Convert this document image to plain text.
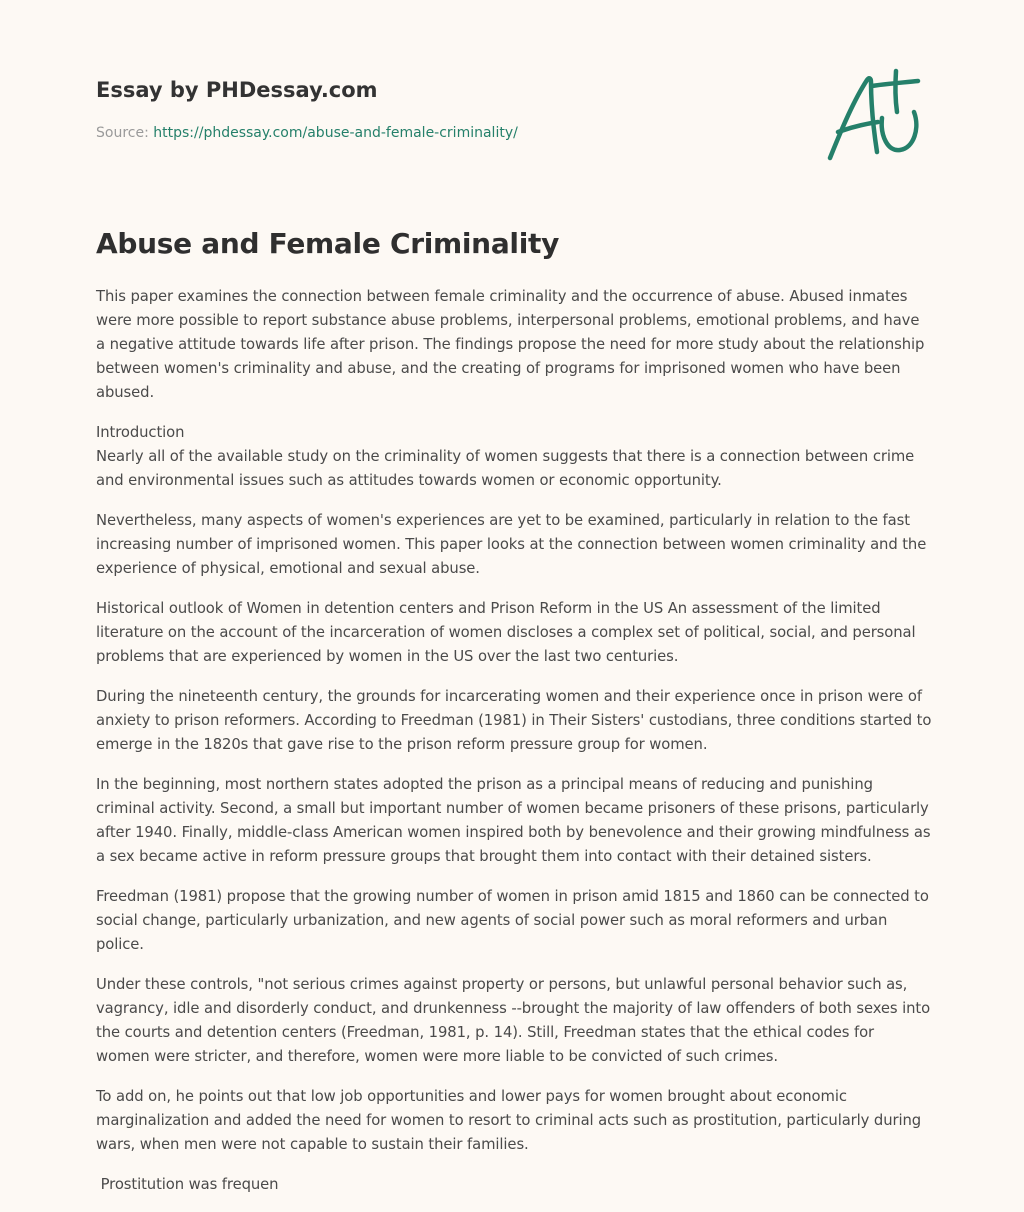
Essay by PHDessay.com
Source: https://phdessay.com/abuse-and-female-criminality/
Abuse and Female Criminality

This paper examines the connection between female criminality and the occurrence of abuse. Abused inmates were more possible to report substance abuse problems, interpersonal problems, emotional problems, and have a negative attitude towards life after prison. The findings propose the need for more study about the relationship between women's criminality and abuse, and the creating of programs for imprisoned women who have been abused.

Introduction

Nearly all of the available study on the criminality of women suggests that there is a connection between crime and environmental issues such as attitudes towards women or economic opportunity.

Nevertheless, many aspects of women's experiences are yet to be examined, particularly in relation to the fast increasing number of imprisoned women. This paper looks at the connection between women criminality and the experience of physical, emotional and sexual abuse.

Historical outlook of Women in detention centers and Prison Reform in the US An assessment of the limited literature on the account of the incarceration of women discloses a complex set of political, social, and personal problems that are experienced by women in the US over the last two centuries.

During the nineteenth century, the grounds for incarcerating women and their experience once in prison were of anxiety to prison reformers. According to Freedman (1981) in Their Sisters' custodians, three conditions started to emerge in the 1820s that gave rise to the prison reform pressure group for women.

In the beginning, most northern states adopted the prison as a principal means of reducing and punishing criminal activity. Second, a small but important number of women became prisoners of these prisons, particularly after 1940. Finally, middle-class American women inspired both by benevolence and their growing mindfulness as a sex became active in reform pressure groups that brought them into contact with their detained sisters.

Freedman (1981) propose that the growing number of women in prison amid 1815 and 1860 can be connected to social change, particularly urbanization, and new agents of social power such as moral reformers and urban police.

Under these controls, "not serious crimes against property or persons, but unlawful personal behavior such as, vagrancy, idle and disorderly conduct, and drunkenness --brought the majority of law offenders of both sexes into the courts and detention centers (Freedman, 1981, p. 14). Still, Freedman states that the ethical codes for women were stricter, and therefore, women were more liable to be convicted of such crimes.

To add on, he points out that low job opportunities and lower pays for women brought about economic marginalization and added the need for women to resort to criminal acts such as prostitution, particularly during wars, when men were not capable to sustain their families.

Prostitution was frequen
